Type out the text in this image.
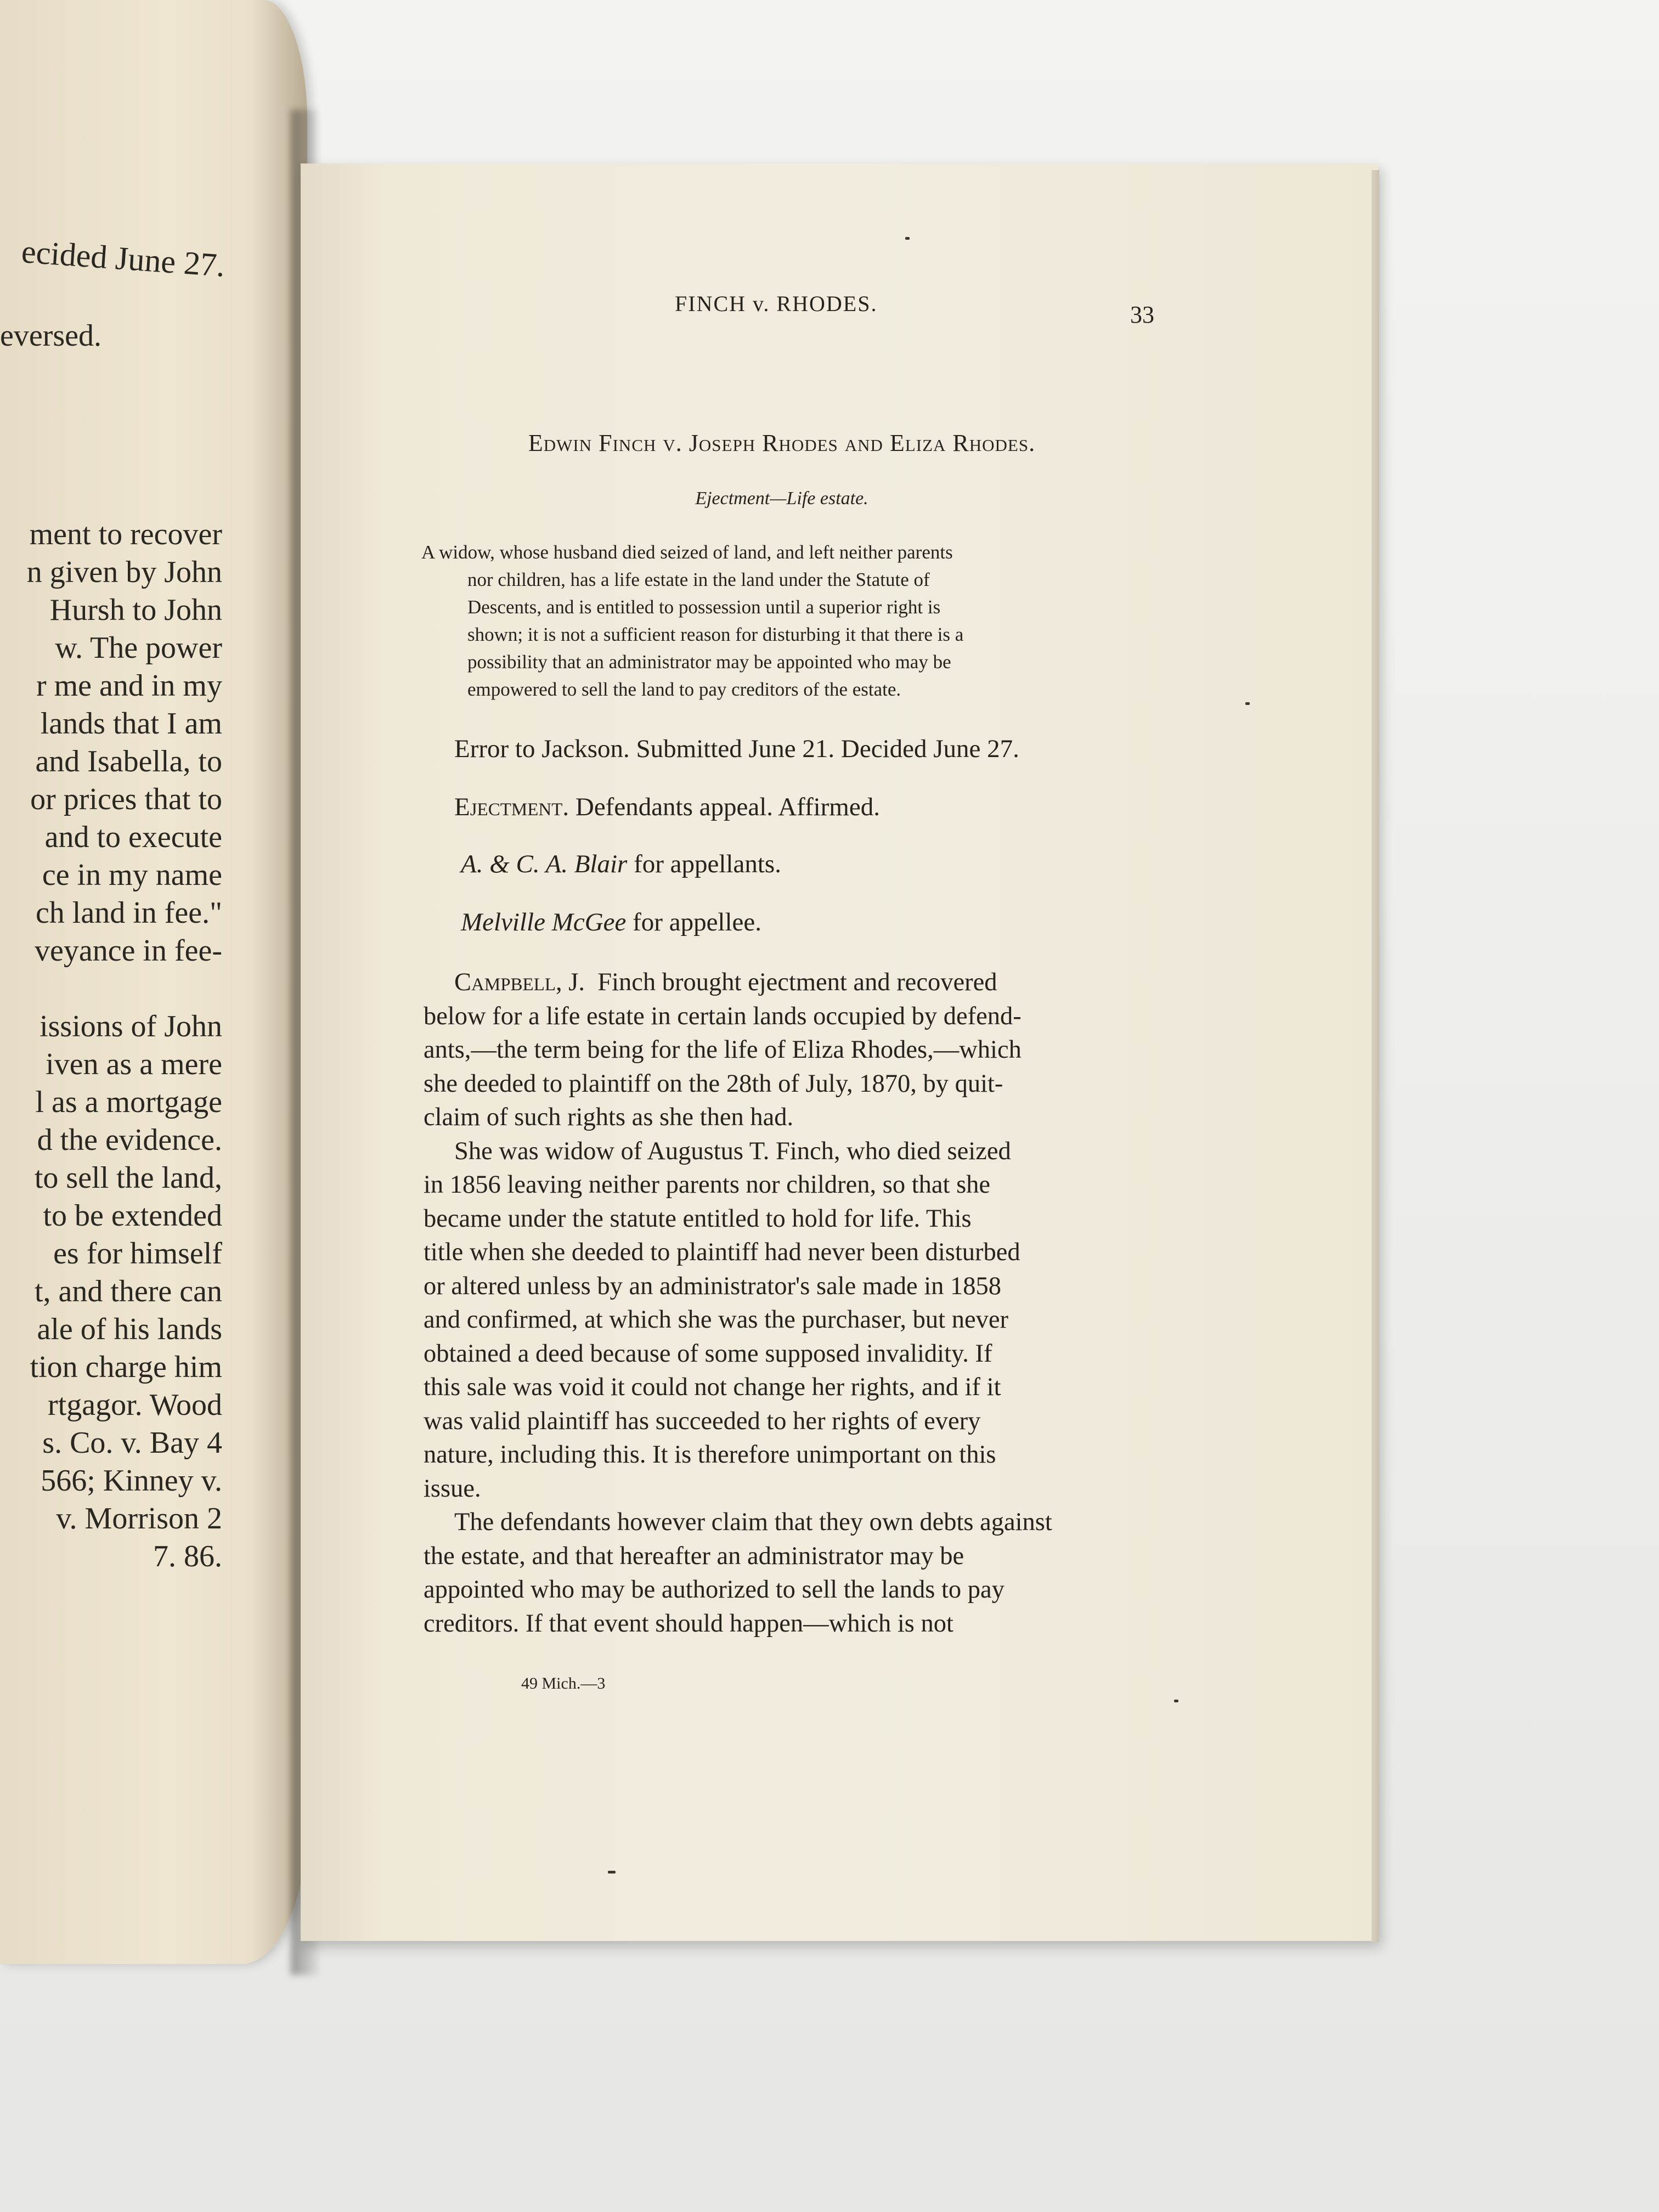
ecided June 27.
eversed.
ment to recover
n given by John
Hursh to John
w. The power
r me and in my
lands that I am
and Isabella, to
or prices that to
and to execute
ce in my name
ch land in fee."
veyance in fee-
issions of John
iven as a mere
l as a mortgage
d the evidence.
to sell the land,
to be extended
es for himself
t, and there can
ale of his lands
tion charge him
rtgagor. Wood
s. Co. v. Bay 4
566; Kinney v.
v. Morrison 2
7. 86.
FINCH v. RHODES.	33
Edwin Finch v. Joseph Rhodes and Eliza Rhodes.
Ejectment—Life estate.
A widow, whose husband died seized of land, and left neither parents
nor children, has a life estate in the land under the Statute of
Descents, and is entitled to possession until a superior right is
shown; it is not a sufficient reason for disturbing it that there is a
possibility that an administrator may be appointed who may be
empowered to sell the land to pay creditors of the estate.
Error to Jackson. Submitted June 21. Decided June 27.
Ejectment. Defendants appeal. Affirmed.
A. & C. A. Blair for appellants.
Melville McGee for appellee.
Campbell, J. Finch brought ejectment and recovered
below for a life estate in certain lands occupied by defend-
ants,—the term being for the life of Eliza Rhodes,—which
she deeded to plaintiff on the 28th of July, 1870, by quit-
claim of such rights as she then had.
She was widow of Augustus T. Finch, who died seized
in 1856 leaving neither parents nor children, so that she
became under the statute entitled to hold for life. This
title when she deeded to plaintiff had never been disturbed
or altered unless by an administrator's sale made in 1858
and confirmed, at which she was the purchaser, but never
obtained a deed because of some supposed invalidity. If
this sale was void it could not change her rights, and if it
was valid plaintiff has succeeded to her rights of every
nature, including this. It is therefore unimportant on this
issue.
The defendants however claim that they own debts against
the estate, and that hereafter an administrator may be
appointed who may be authorized to sell the lands to pay
creditors. If that event should happen—which is not
49 Mich.—3
